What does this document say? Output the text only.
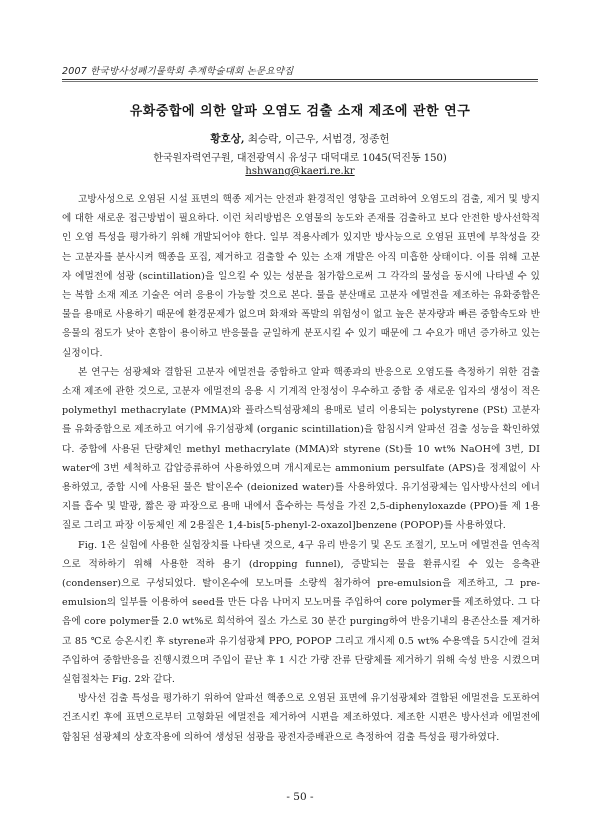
2007 한국방사성폐기물학회 추계학술대회 논문요약집
유화중합에 의한 알파 오염도 검출 소재 제조에 관한 연구
황호상, 최승락, 이근우, 서범경, 정종헌
한국원자력연구원, 대전광역시 유성구 대덕대로 1045(덕진동 150)
hshwang@kaeri.re.kr

고방사성으로 오염된 시설 표면의 핵종 제거는 안전과 환경적인 영향을 고려하여 오염도의 검출, 제거 및 방지에 대한 새로운 접근방법이 필요하다. 이런 처리방법은 오염물의 농도와 존재를 검출하고 보다 안전한 방사선학적인 오염 특성을 평가하기 위해 개발되어야 한다. 일부 적용사례가 있지만 방사능으로 오염된 표면에 부착성을 갖는 고분자를 분사시켜 핵종을 포집, 제거하고 검출할 수 있는 소재 개발은 아직 미흡한 상태이다. 이를 위해 고분자 에멀전에 섬광 (scintillation)을 일으킬 수 있는 성분을 첨가함으로써 그 각각의 물성을 동시에 나타낼 수 있는 복합 소재 제조 기술은 여러 응용이 가능할 것으로 본다. 물을 분산매로 고분자 에멀전을 제조하는 유화중합은 물을 용매로 사용하기 때문에 환경문제가 없으며 화재와 폭발의 위험성이 없고 높은 분자량과 빠른 중합속도와 반응물의 점도가 낮아 혼합이 용이하고 반응물을 균일하게 분포시킬 수 있기 때문에 그 수요가 매년 증가하고 있는 실정이다.

본 연구는 섬광체와 결합된 고분자 에멀전을 중합하고 알파 핵종과의 반응으로 오염도를 측정하기 위한 검출소재 제조에 관한 것으로, 고분자 에멀전의 응용 시 기계적 안정성이 우수하고 중합 중 새로운 입자의 생성이 적은 polymethyl methacrylate (PMMA)와 플라스틱섬광체의 용매로 널리 이용되는 polystyrene (PSt) 고분자를 유화중합으로 제조하고 여기에 유기섬광체 (organic scintillation)을 함침시켜 알파선 검출 성능을 확인하였다. 중합에 사용된 단량체인 methyl methacrylate (MMA)와 styrene (St)를 10 wt% NaOH에 3번, DI water에 3번 세척하고 갑압증류하여 사용하였으며 개시제로는 ammonium persulfate (APS)을 정제없이 사용하였고, 중합 시에 사용된 물은 탈이온수 (deionized water)를 사용하였다. 유기섬광체는 입사방사선의 에너지를 흡수 및 발광, 짧은 광 파장으로 용매 내에서 흡수하는 특성을 가진 2,5-diphenyloxazde (PPO)를 제 1용질로 그리고 파장 이동체인 제 2용질은 1,4-bis[5-phenyl-2-oxazol]benzene (POPOP)를 사용하였다.

Fig. 1은 실험에 사용한 실험장치를 나타낸 것으로, 4구 유리 반응기 및 온도 조절기, 모노머 에멀전을 연속적으로 적하하기 위해 사용한 적하 용기 (dropping funnel), 증발되는 물을 환류시킬 수 있는 응축관 (condenser)으로 구성되었다. 탈이온수에 모노머를 소량씩 첨가하여 pre-emulsion을 제조하고, 그 pre-emulsion의 일부를 이용하여 seed를 만든 다음 나머지 모노머를 주입하여 core polymer를 제조하였다. 그 다음에 core polymer를 2.0 wt%로 희석하여 질소 가스로 30 분간 purging하여 반응기내의 용존산소를 제거하고 85 ℃로 승온시킨 후 styrene과 유기섬광체 PPO, POPOP 그리고 개시제 0.5 wt% 수용액을 5시간에 걸쳐 주입하여 중합반응을 진행시켰으며 주입이 끝난 후 1 시간 가량 잔류 단량체를 제거하기 위해 숙성 반응 시켰으며 실험절차는 Fig. 2와 같다.

방사선 검출 특성을 평가하기 위하여 알파선 핵종으로 오염된 표면에 유기섬광체와 결합된 에멀전을 도포하여 건조시킨 후에 표면으로부터 고형화된 에멀전을 제거하여 시편을 제조하였다. 제조한 시편은 방사선과 에멀전에 함침된 섬광체의 상호작용에 의하여 생성된 섬광을 광전자증배관으로 측정하여 검출 특성을 평가하였다.

- 50 -
